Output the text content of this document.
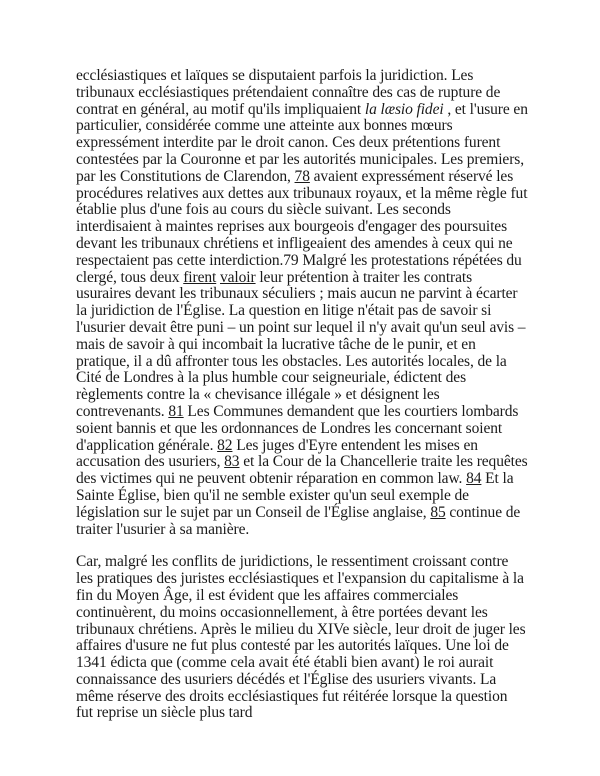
ecclésiastiques et laïques se disputaient parfois la juridiction. Les tribunaux ecclésiastiques prétendaient connaître des cas de rupture de contrat en général, au motif qu'ils impliquaient la læsio fidei , et l'usure en particulier, considérée comme une atteinte aux bonnes mœurs expressément interdite par le droit canon. Ces deux prétentions furent contestées par la Couronne et par les autorités municipales. Les premiers, par les Constitutions de Clarendon, 78 avaient expressément réservé les procédures relatives aux dettes aux tribunaux royaux, et la même règle fut établie plus d'une fois au cours du siècle suivant. Les seconds interdisaient à maintes reprises aux bourgeois d'engager des poursuites devant les tribunaux chrétiens et infligeaient des amendes à ceux qui ne respectaient pas cette interdiction.79 Malgré les protestations répétées du clergé, tous deux firent valoir leur prétention à traiter les contrats usuraires devant les tribunaux séculiers ; mais aucun ne parvint à écarter la juridiction de l'Église. La question en litige n'était pas de savoir si l'usurier devait être puni – un point sur lequel il n'y avait qu'un seul avis – mais de savoir à qui incombait la lucrative tâche de le punir, et en pratique, il a dû affronter tous les obstacles. Les autorités locales, de la Cité de Londres à la plus humble cour seigneuriale, édictent des règlements contre la « chevisance illégale » et désignent les contrevenants. 81 Les Communes demandent que les courtiers lombards soient bannis et que les ordonnances de Londres les concernant soient d'application générale. 82 Les juges d'Eyre entendent les mises en accusation des usuriers, 83 et la Cour de la Chancellerie traite les requêtes des victimes qui ne peuvent obtenir réparation en common law. 84 Et la Sainte Église, bien qu'il ne semble exister qu'un seul exemple de législation sur le sujet par un Conseil de l'Église anglaise, 85 continue de traiter l'usurier à sa manière.

Car, malgré les conflits de juridictions, le ressentiment croissant contre les pratiques des juristes ecclésiastiques et l'expansion du capitalisme à la fin du Moyen Âge, il est évident que les affaires commerciales continuèrent, du moins occasionnellement, à être portées devant les tribunaux chrétiens. Après le milieu du XIVe siècle, leur droit de juger les affaires d'usure ne fut plus contesté par les autorités laïques. Une loi de 1341 édicta que (comme cela avait été établi bien avant) le roi aurait connaissance des usuriers décédés et l'Église des usuriers vivants. La même réserve des droits ecclésiastiques fut réitérée lorsque la question fut reprise un siècle plus tard
